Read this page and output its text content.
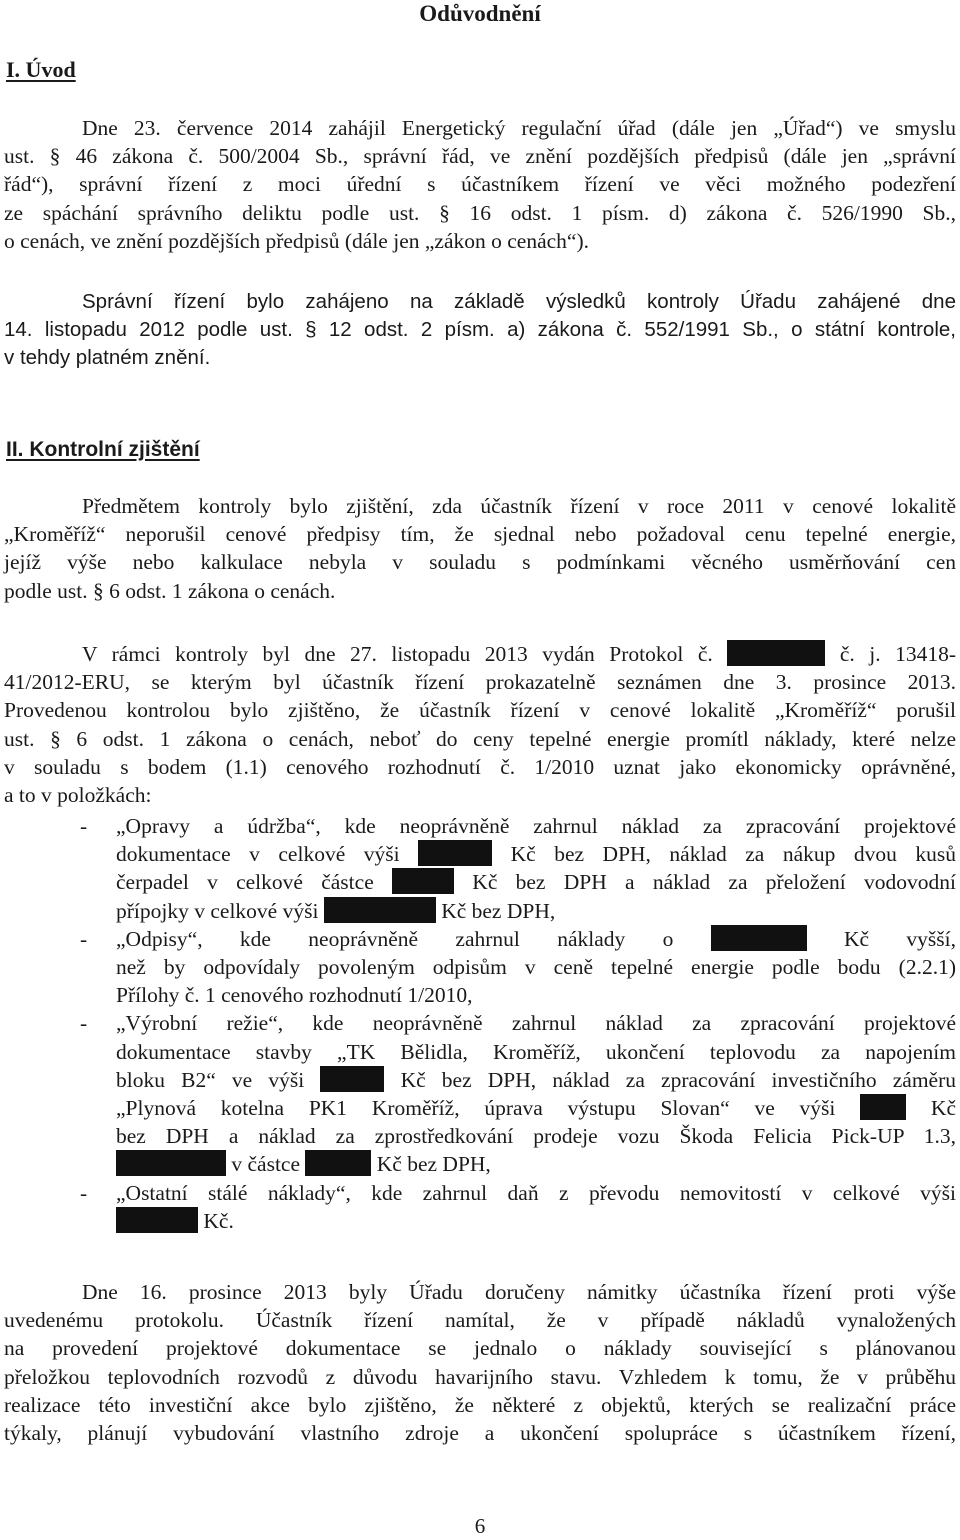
Odůvodnění
I. Úvod
Dne 23. července 2014 zahájil Energetický regulační úřad (dále jen „Úřad“) ve smyslu
ust. § 46 zákona č. 500/2004 Sb., správní řád, ve znění pozdějších předpisů (dále jen „správní
řád“), správní řízení z moci úřední s účastníkem řízení ve věci možného podezření
ze spáchání správního deliktu podle ust. § 16 odst. 1 písm. d) zákona č. 526/1990 Sb.,
o cenách, ve znění pozdějších předpisů (dále jen „zákon o cenách“).
Správní řízení bylo zahájeno na základě výsledků kontroly Úřadu zahájené dne
14. listopadu 2012 podle ust. § 12 odst. 2 písm. a) zákona č. 552/1991 Sb., o státní kontrole,
v tehdy platném znění.
II. Kontrolní zjištění
Předmětem kontroly bylo zjištění, zda účastník řízení v roce 2011 v cenové lokalitě
„Kroměříž“ neporušil cenové předpisy tím, že sjednal nebo požadoval cenu tepelné energie,
jejíž výše nebo kalkulace nebyla v souladu s podmínkami věcného usměrňování cen
podle ust. § 6 odst. 1 zákona o cenách.
V rámci kontroly byl dne 27. listopadu 2013 vydán Protokol č.	č. j. 13418-
41/2012-ERU, se kterým byl účastník řízení prokazatelně seznámen dne 3. prosince 2013.
Provedenou kontrolou bylo zjištěno, že účastník řízení v cenové lokalitě „Kroměříž“ porušil
ust. § 6 odst. 1 zákona o cenách, neboť do ceny tepelné energie promítl náklady, které nelze
v souladu s bodem (1.1) cenového rozhodnutí č. 1/2010 uznat jako ekonomicky oprávněné,
a to v položkách:
- „Opravy a údržba“, kde neoprávněně zahrnul náklad za zpracování projektové
dokumentace v celkové výši	Kč bez DPH, náklad za nákup dvou kusů
čerpadel v celkové částce	Kč bez DPH a náklad za přeložení vodovodní
přípojky v celkové výši	Kč bez DPH,
- „Odpisy“, kde neoprávněně zahrnul náklady o	Kč vyšší,
než by odpovídaly povoleným odpisům v ceně tepelné energie podle bodu (2.2.1)
Přílohy č. 1 cenového rozhodnutí 1/2010,
- „Výrobní režie“, kde neoprávněně zahrnul náklad za zpracování projektové
dokumentace stavby „TK Bělidla, Kroměříž, ukončení teplovodu za napojením
bloku B2“ ve výši	Kč bez DPH, náklad za zpracování investičního záměru
„Plynová kotelna PK1 Kroměříž, úprava výstupu Slovan“ ve výši	Kč
bez DPH a náklad za zprostředkování prodeje vozu Škoda Felicia Pick-UP 1.3,
v částce	Kč bez DPH,
- „Ostatní stálé náklady“, kde zahrnul daň z převodu nemovitostí v celkové výši
Kč.
Dne 16. prosince 2013 byly Úřadu doručeny námitky účastníka řízení proti výše
uvedenému protokolu. Účastník řízení namítal, že v případě nákladů vynaložených
na provedení projektové dokumentace se jednalo o náklady související s plánovanou
přeložkou teplovodních rozvodů z důvodu havarijního stavu. Vzhledem k tomu, že v průběhu
realizace této investiční akce bylo zjištěno, že některé z objektů, kterých se realizační práce
týkaly, plánují vybudování vlastního zdroje a ukončení spolupráce s účastníkem řízení,
6
